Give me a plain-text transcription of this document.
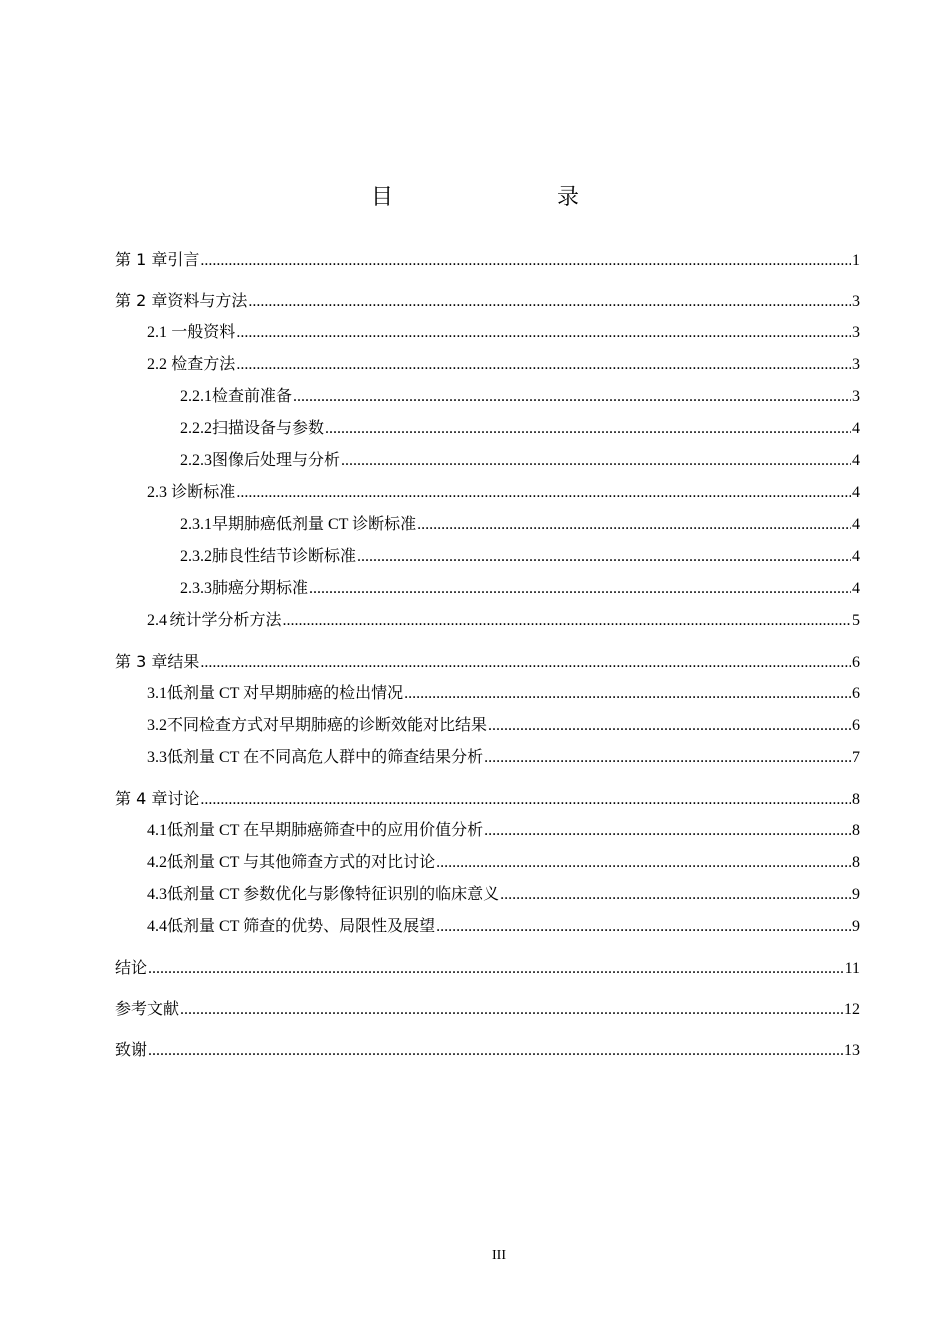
目　　录
第 1 章 引言 .....	1
第 2 章 资料与方法 .....	3
2.1 一般资料 .....	3
2.2 检查方法 .....	3
2.2.1 检查前准备 .....	3
2.2.2 扫描设备与参数 .....	4
2.2.3 图像后处理与分析 .....	4
2.3 诊断标准 .....	4
2.3.1 早期肺癌低剂量 CT 诊断标准 .....	4
2.3.2 肺良性结节诊断标准 .....	4
2.3.3 肺癌分期标准 .....	4
2.4 统计学分析方法 .....	5
第 3 章 结果 .....	6
3.1 低剂量 CT 对早期肺癌的检出情况 .....	6
3.2 不同检查方式对早期肺癌的诊断效能对比结果 .....	6
3.3 低剂量 CT 在不同高危人群中的筛查结果分析 .....	7
第 4 章 讨论 .....	8
4.1 低剂量 CT 在早期肺癌筛查中的应用价值分析 .....	8
4.2 低剂量 CT 与其他筛查方式的对比讨论 .....	8
4.3 低剂量 CT 参数优化与影像特征识别的临床意义 .....	9
4.4 低剂量 CT 筛查的优势、局限性及展望 .....	9
结论 .....	11
参考文献 .....	12
致谢 .....	13
III
